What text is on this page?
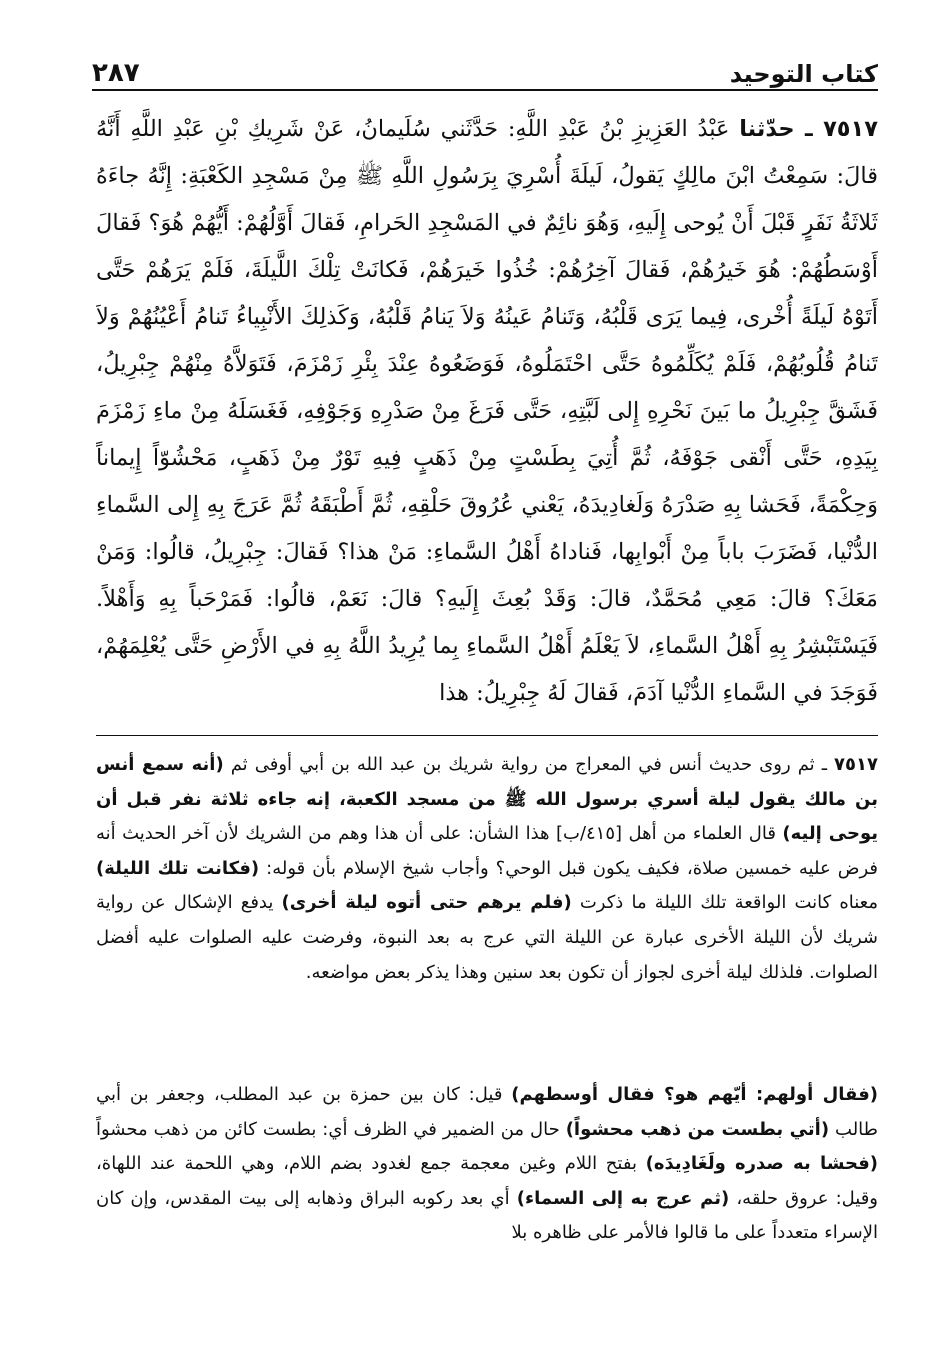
٢٨٧	كتاب التوحيد

٧٥١٧ ـ حدّثنا عَبْدُ العَزِيزِ بْنُ عَبْدِ اللَّهِ: حَدَّثَني سُلَيمانُ، عَنْ شَرِيكِ بْنِ عَبْدِ اللَّهِ أَنَّهُ قالَ: سَمِعْتُ ابْنَ مالِكٍ يَقولُ، لَيلَةَ أُسْرِيَ بِرَسُولِ اللَّهِ ﷺ مِنْ مَسْجِدِ الكَعْبَةِ: إِنَّهُ جاءَهُ ثَلاثَةُ نَفَرٍ قَبْلَ أَنْ يُوحى إِلَيهِ، وَهُوَ نائِمٌ في المَسْجِدِ الحَرامِ، فَقالَ أَوَّلُهُمْ: أَيُّهُمْ هُوَ؟ فَقالَ أَوْسَطُهُمْ: هُوَ خَيرُهُمْ، فَقالَ آخِرُهُمْ: خُذُوا خَيرَهُمْ، فَكانَتْ تِلْكَ اللَّيلَةَ، فَلَمْ يَرَهُمْ حَتَّى أَتَوْهُ لَيلَةً أُخْرى، فِيما يَرَى قَلْبُهُ، وَتَنامُ عَينُهُ وَلاَ يَنامُ قَلْبُهُ، وَكَذلِكَ الأَنْبِياءُ تَنامُ أَعْيُنُهُمْ وَلاَ تَنامُ قُلُوبُهُمْ، فَلَمْ يُكَلِّمُوهُ حَتَّى احْتَمَلُوهُ، فَوَضَعُوهُ عِنْدَ بِئْرِ زَمْزَمَ، فَتَوَلاَّهُ مِنْهُمْ جِبْرِيلُ، فَشَقَّ جِبْرِيلُ ما بَينَ نَحْرِهِ إِلى لَبَّتِهِ، حَتَّى فَرَغَ مِنْ صَدْرِهِ وَجَوْفِهِ، فَغَسَلَهُ مِنْ ماءِ زَمْزَمَ بِيَدِهِ، حَتَّى أَنْقى جَوْفَهُ، ثُمَّ أُتِيَ بِطَسْتٍ مِنْ ذَهَبٍ فِيهِ تَوْرٌ مِنْ ذَهَبٍ، مَحْشُوّاً إِيماناً وَحِكْمَةً، فَحَشا بِهِ صَدْرَهُ وَلَغادِيدَهُ، يَعْني عُرُوقَ حَلْقِهِ، ثُمَّ أَطْبَقَهُ ثُمَّ عَرَجَ بِهِ إِلى السَّماءِ الدُّنْيا، فَضَرَبَ باباً مِنْ أَبْوابِها، فَناداهُ أَهْلُ السَّماءِ: مَنْ هذا؟ فَقالَ: جِبْرِيلُ، قالُوا: وَمَنْ مَعَكَ؟ قالَ: مَعِي مُحَمَّدٌ، قالَ: وَقَدْ بُعِثَ إِلَيهِ؟ قالَ: نَعَمْ، قالُوا: فَمَرْحَباً بِهِ وَأَهْلاً. فَيَسْتَبْشِرُ بِهِ أَهْلُ السَّماءِ، لاَ يَعْلَمُ أَهْلُ السَّماءِ بِما يُرِيدُ اللَّهُ بِهِ في الأَرْضِ حَتَّى يُعْلِمَهُمْ، فَوَجَدَ في السَّماءِ الدُّنْيا آدَمَ، فَقالَ لَهُ جِبْرِيلُ: هذا

٧٥١٧ ـ ثم روى حديث أنس في المعراج من رواية شريك بن عبد الله بن أبي أوفى ثم (أنه سمع أنس بن مالك يقول ليلة أسري برسول الله ﷺ من مسجد الكعبة، إنه جاءه ثلاثة نفر قبل أن يوحى إليه) قال العلماء من أهل [٤١٥/ب] هذا الشأن: على أن هذا وهم من الشريك لأن آخر الحديث أنه فرض عليه خمسين صلاة، فكيف يكون قبل الوحي؟ وأجاب شيخ الإسلام بأن قوله: (فكانت تلك الليلة) معناه كانت الواقعة تلك الليلة ما ذكرت (فلم يرهم حتى أتوه ليلة أخرى) يدفع الإشكال عن رواية شريك لأن الليلة الأخرى عبارة عن الليلة التي عرج به بعد النبوة، وفرضت عليه الصلوات عليه أفضل الصلوات. فلذلك ليلة أخرى لجواز أن تكون بعد سنين وهذا يذكر بعض مواضعه.

(فقال أولهم: أيّهم هو؟ فقال أوسطهم) قيل: كان بين حمزة بن عبد المطلب، وجعفر بن أبي طالب (أتي بطست من ذهب محشواً) حال من الضمير في الظرف أي: بطست كائن من ذهب محشواً (فحشا به صدره ولَغَادِيدَه) بفتح اللام وغين معجمة جمع لغدود بضم اللام، وهي اللحمة عند اللهاة، وقيل: عروق حلقه، (ثم عرج به إلى السماء) أي بعد ركوبه البراق وذهابه إلى بيت المقدس، وإن كان الإسراء متعدداً على ما قالوا فالأمر على ظاهره بلا
